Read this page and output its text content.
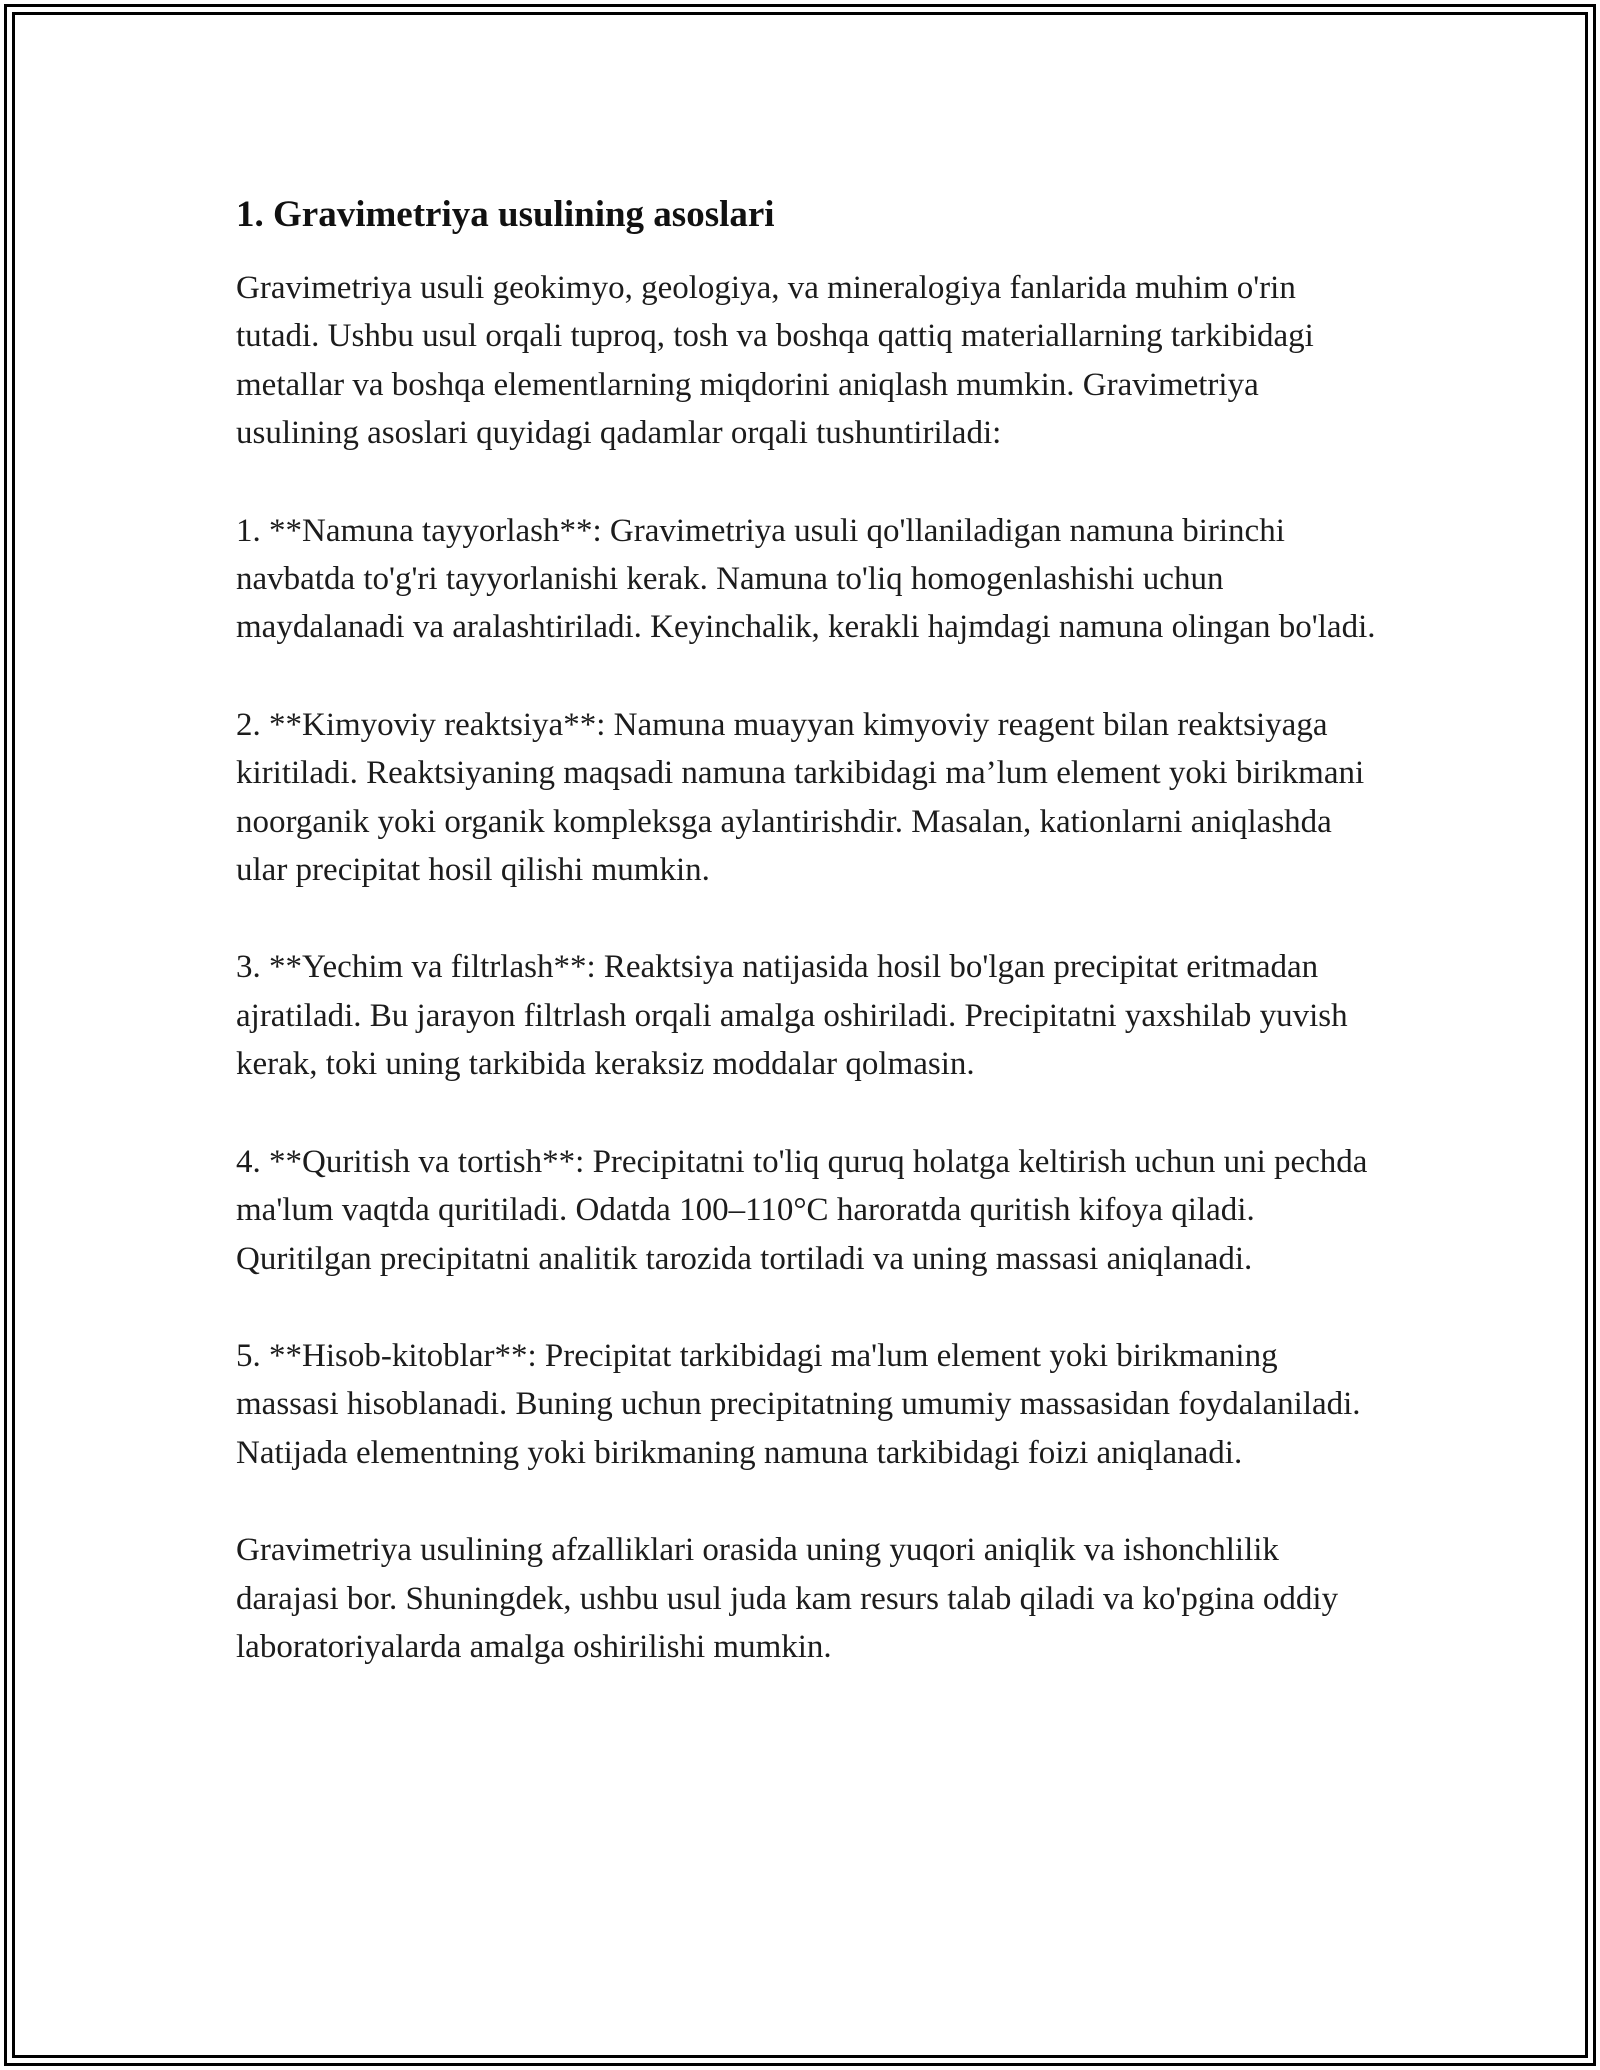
1. Gravimetriya usulining asoslari

Gravimetriya usuli geokimyo, geologiya, va mineralogiya fanlarida muhim o'rin tutadi. Ushbu usul orqali tuproq, tosh va boshqa qattiq materiallarning tarkibidagi metallar va boshqa elementlarning miqdorini aniqlash mumkin. Gravimetriya usulining asoslari quyidagi qadamlar orqali tushuntiriladi:

1. **Namuna tayyorlash**: Gravimetriya usuli qo'llaniladigan namuna birinchi navbatda to'g'ri tayyorlanishi kerak. Namuna to'liq homogenlashishi uchun maydalanadi va aralashtiriladi. Keyinchalik, kerakli hajmdagi namuna olingan bo'ladi.

2. **Kimyoviy reaktsiya**: Namuna muayyan kimyoviy reagent bilan reaktsiyaga kiritiladi. Reaktsiyaning maqsadi namuna tarkibidagi ma’lum element yoki birikmani noorganik yoki organik kompleksga aylantirishdir. Masalan, kationlarni aniqlashda ular precipitat hosil qilishi mumkin.

3. **Yechim va filtrlash**: Reaktsiya natijasida hosil bo'lgan precipitat eritmadan ajratiladi. Bu jarayon filtrlash orqali amalga oshiriladi. Precipitatni yaxshilab yuvish kerak, toki uning tarkibida keraksiz moddalar qolmasin.

4. **Quritish va tortish**: Precipitatni to'liq quruq holatga keltirish uchun uni pechda ma'lum vaqtda quritiladi. Odatda 100–110°C haroratda quritish kifoya qiladi. Quritilgan precipitatni analitik tarozida tortiladi va uning massasi aniqlanadi.

5. **Hisob-kitoblar**: Precipitat tarkibidagi ma'lum element yoki birikmaning massasi hisoblanadi. Buning uchun precipitatning umumiy massasidan foydalaniladi. Natijada elementning yoki birikmaning namuna tarkibidagi foizi aniqlanadi.

Gravimetriya usulining afzalliklari orasida uning yuqori aniqlik va ishonchlilik darajasi bor. Shuningdek, ushbu usul juda kam resurs talab qiladi va ko'pgina oddiy laboratoriyalarda amalga oshirilishi mumkin.
